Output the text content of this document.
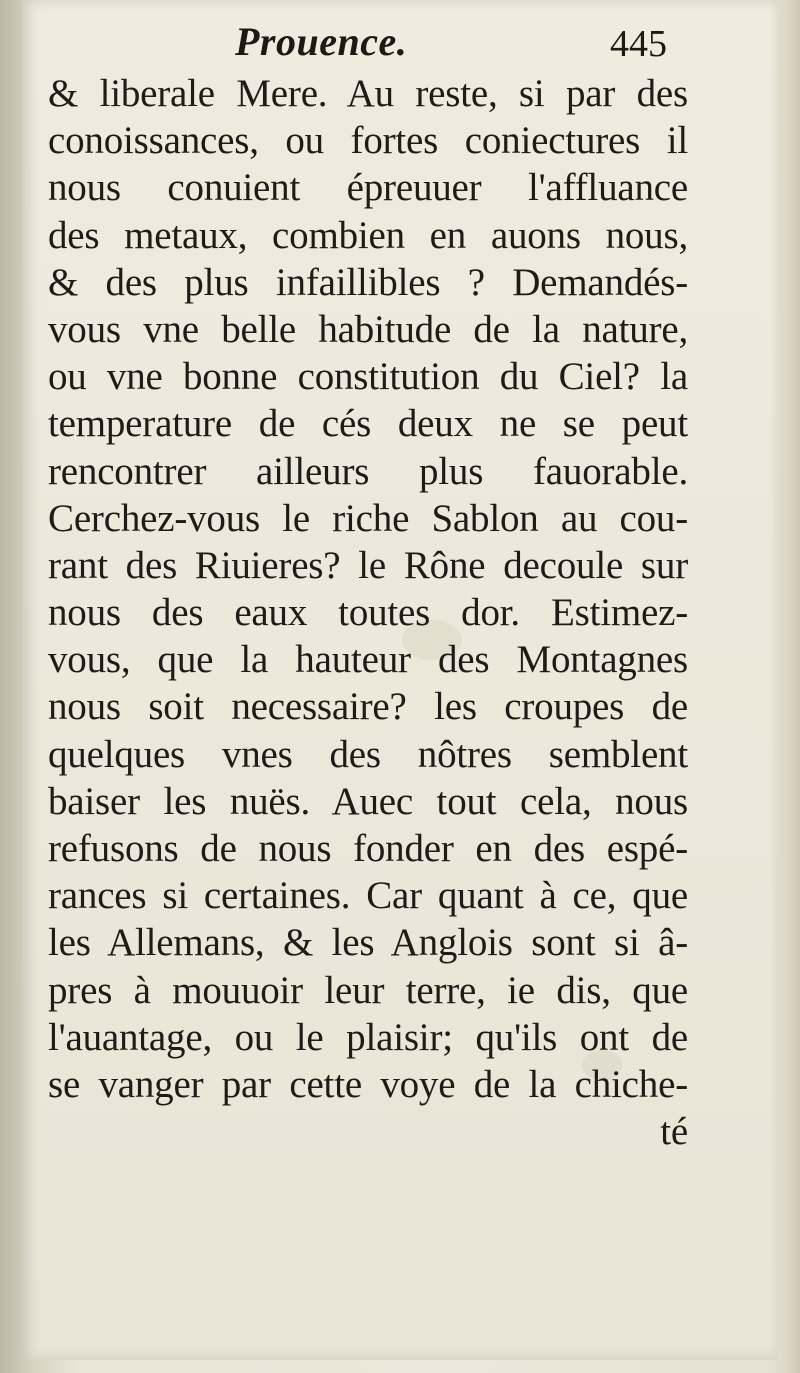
Prouence.	445
& liberale Mere. Au reste, si par des
conoissances, ou fortes coniectures il
nous conuient épreuuer l'affluance
des metaux, combien en auons nous,
& des plus infaillibles ? Demandés-
vous vne belle habitude de la nature,
ou vne bonne constitution du Ciel? la
temperature de cés deux ne se peut
rencontrer ailleurs plus fauorable.
Cerchez-vous le riche Sablon au cou-
rant des Riuieres? le Rône decoule sur
nous des eaux toutes dor. Estimez-
vous, que la hauteur des Montagnes
nous soit necessaire? les croupes de
quelques vnes des nôtres semblent
baiser les nuës. Auec tout cela, nous
refusons de nous fonder en des espé-
rances si certaines. Car quant à ce, que
les Allemans, & les Anglois sont si â-
pres à mouuoir leur terre, ie dis, que
l'auantage, ou le plaisir; qu'ils ont de
se vanger par cette voye de la chiche-
té
